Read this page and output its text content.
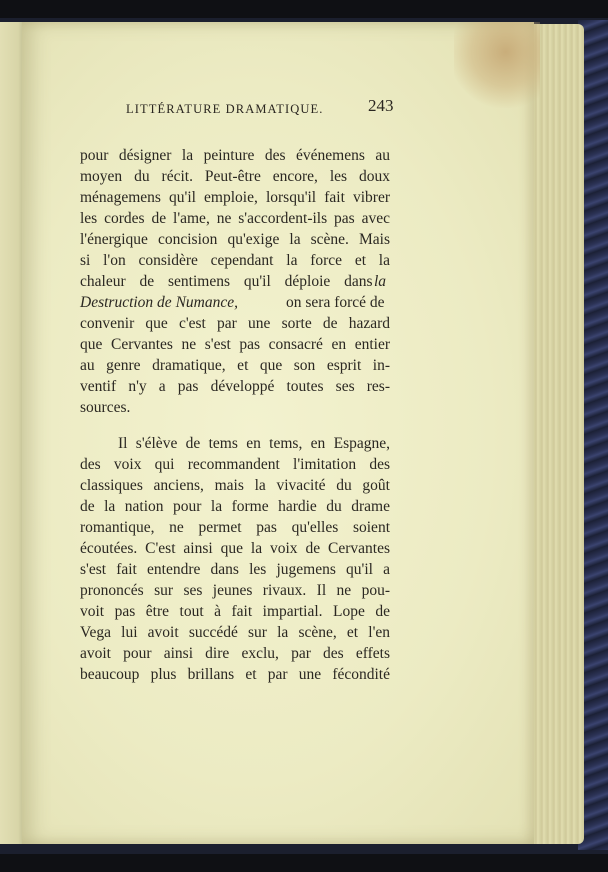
LITTÉRATURE DRAMATIQUE.	243
pour désigner la peinture des événemens au
moyen du récit. Peut-être encore, les doux
ménagemens qu'il emploie, lorsqu'il fait vibrer
les cordes de l'ame, ne s'accordent-ils pas avec
l'énergique concision qu'exige la scène. Mais
si l'on considère cependant la force et la
chaleur de sentimens qu'il déploie dans la
Destruction de Numance,	on sera forcé de
convenir que c'est par une sorte de hazard
que Cervantes ne s'est pas consacré en entier
au genre dramatique, et que son esprit in-
ventif n'y a pas développé toutes ses res-
sources.
Il s'élève de tems en tems, en Espagne,
des voix qui recommandent l'imitation des
classiques anciens, mais la vivacité du goût
de la nation pour la forme hardie du drame
romantique, ne permet pas qu'elles soient
écoutées. C'est ainsi que la voix de Cervantes
s'est fait entendre dans les jugemens qu'il a
prononcés sur ses jeunes rivaux. Il ne pou-
voit pas être tout à fait impartial. Lope de
Vega lui avoit succédé sur la scène, et l'en
avoit pour ainsi dire exclu, par des effets
beaucoup plus brillans et par une fécondité
